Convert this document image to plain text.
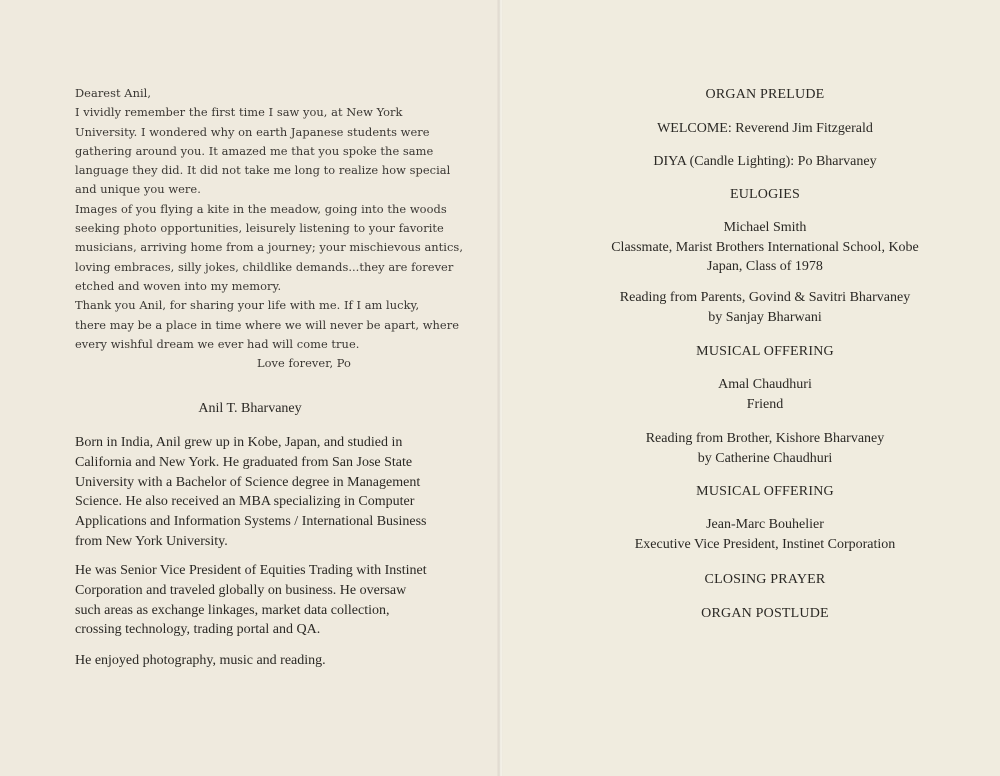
Dearest Anil,
I vividly remember the first time I saw you, at New York
University. I wondered why on earth Japanese students were
gathering around you. It amazed me that you spoke the same
language they did. It did not take me long to realize how special
and unique you were.
Images of you flying a kite in the meadow, going into the woods
seeking photo opportunities, leisurely listening to your favorite
musicians, arriving home from a journey; your mischievous antics,
loving embraces, silly jokes, childlike demands...they are forever
etched and woven into my memory.
Thank you Anil, for sharing your life with me. If I am lucky,
there may be a place in time where we will never be apart, where
every wishful dream we ever had will come true.
Love forever, Po
Anil T. Bharvaney
Born in India, Anil grew up in Kobe, Japan, and studied in
California and New York. He graduated from San Jose State
University with a Bachelor of Science degree in Management
Science. He also received an MBA specializing in Computer
Applications and Information Systems / International Business
from New York University.
He was Senior Vice President of Equities Trading with Instinet
Corporation and traveled globally on business. He oversaw
such areas as exchange linkages, market data collection,
crossing technology, trading portal and QA.
He enjoyed photography, music and reading.
ORGAN PRELUDE
WELCOME: Reverend Jim Fitzgerald
DIYA (Candle Lighting): Po Bharvaney
EULOGIES
Michael Smith
Classmate, Marist Brothers International School, Kobe
Japan, Class of 1978
Reading from Parents, Govind & Savitri Bharvaney
by Sanjay Bharwani
MUSICAL OFFERING
Amal Chaudhuri
Friend
Reading from Brother, Kishore Bharvaney
by Catherine Chaudhuri
MUSICAL OFFERING
Jean-Marc Bouhelier
Executive Vice President, Instinet Corporation
CLOSING PRAYER
ORGAN POSTLUDE
